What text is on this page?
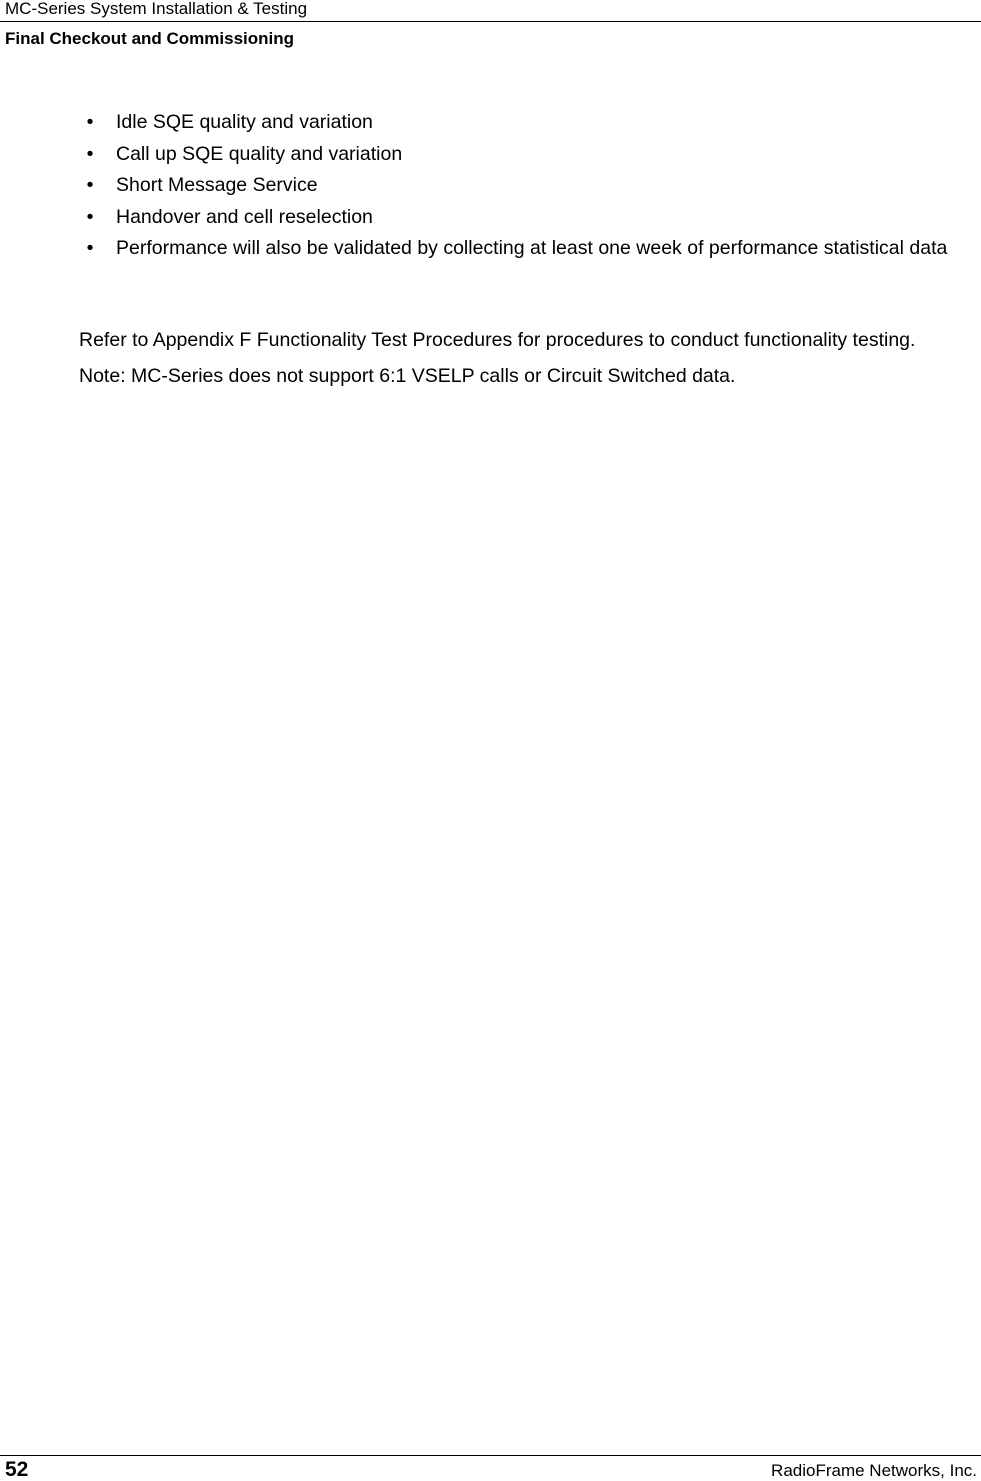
MC-Series System Installation & Testing
Final Checkout and Commissioning
• Idle SQE quality and variation
• Call up SQE quality and variation
• Short Message Service
• Handover and cell reselection
• Performance will also be validated by collecting at least one week of performance statistical data
Refer to Appendix F Functionality Test Procedures for procedures to conduct functionality testing.
Note: MC-Series does not support 6:1 VSELP calls or Circuit Switched data.
52	RadioFrame Networks, Inc.
